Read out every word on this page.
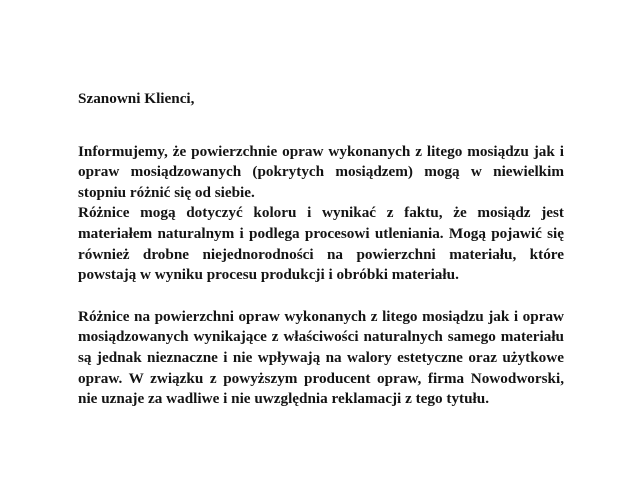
Szanowni Klienci,

Informujemy, że powierzchnie opraw wykonanych z litego mosiądzu jak i opraw mosiądzowanych (pokrytych mosiądzem) mogą w niewielkim stopniu różnić się od siebie.

Różnice mogą dotyczyć koloru i wynikać z faktu, że mosiądz jest materiałem naturalnym i podlega procesowi utleniania. Mogą pojawić się również drobne niejednorodności na powierzchni materiału, które powstają w wyniku procesu produkcji i obróbki materiału.

Różnice na powierzchni opraw wykonanych z litego mosiądzu jak i opraw mosiądzowanych wynikające z właściwości naturalnych samego materiału są jednak nieznaczne i nie wpływają na walory estetyczne oraz użytkowe opraw. W związku z powyższym producent opraw, firma Nowodworski, nie uznaje za wadliwe i nie uwzględnia reklamacji z tego tytułu.
